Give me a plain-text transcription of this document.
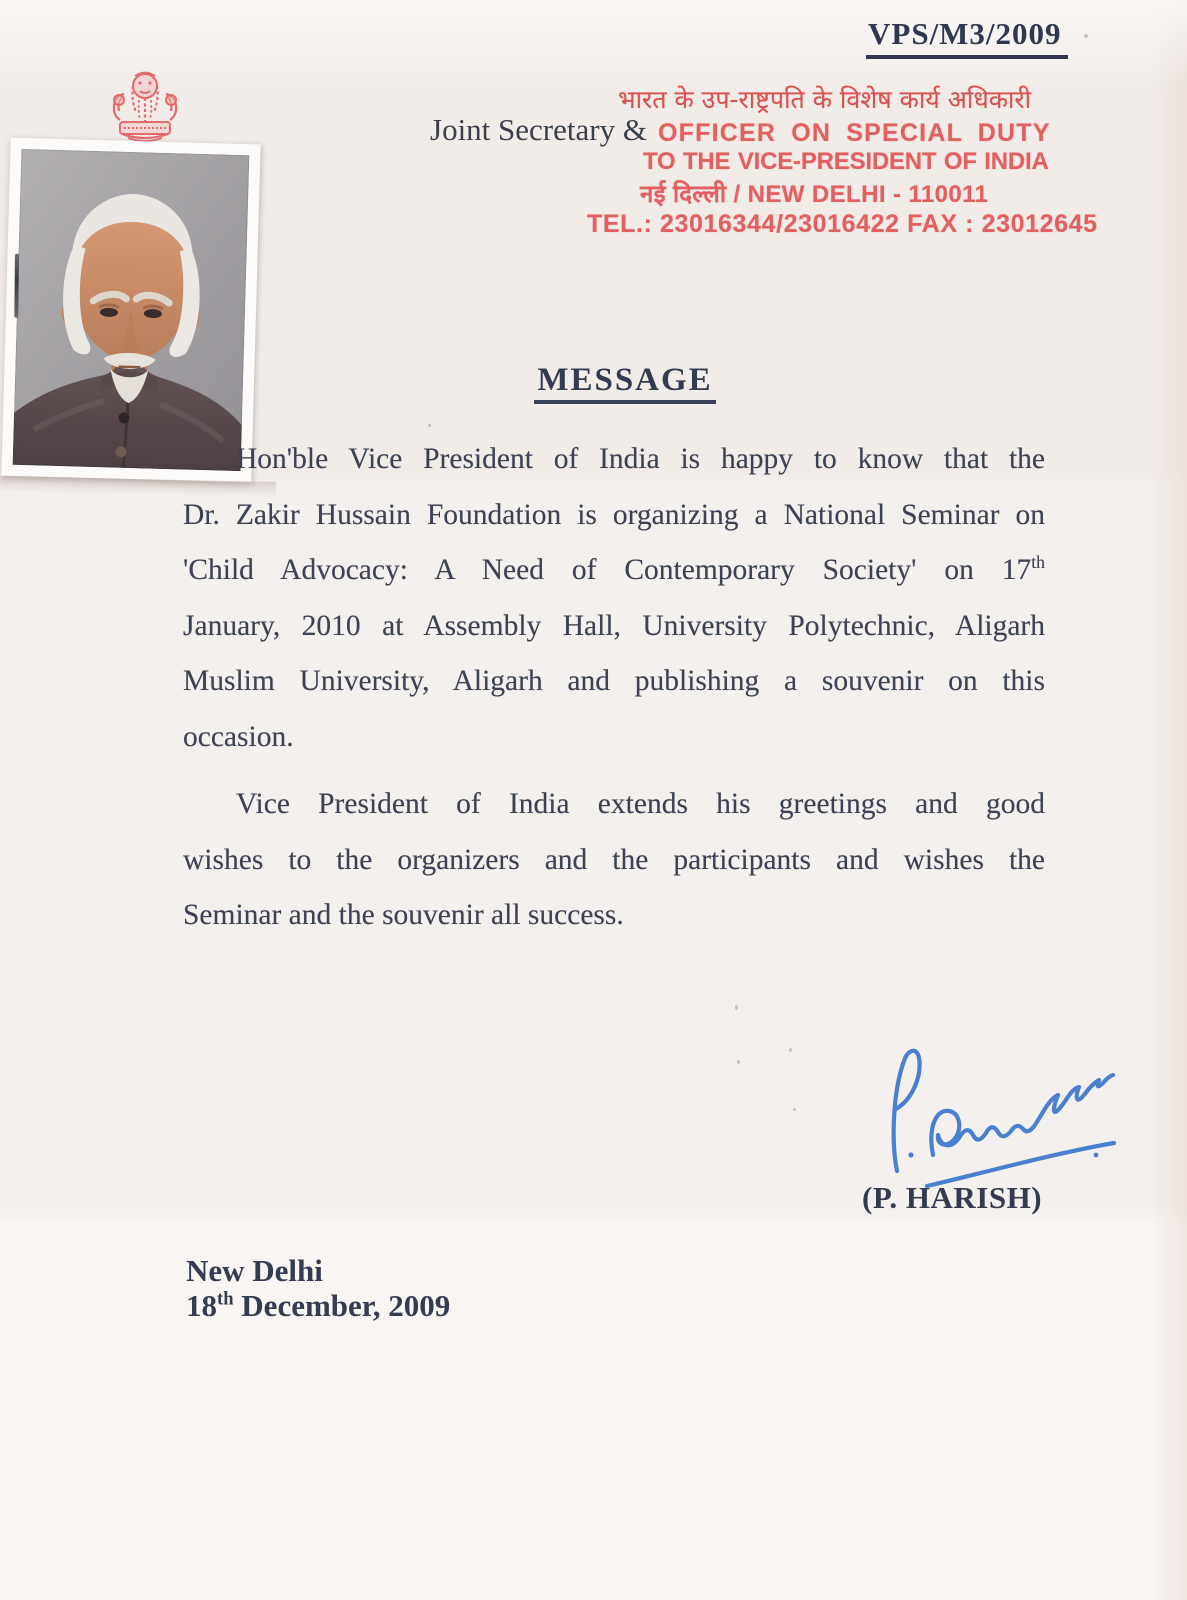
VPS/M3/2009
भारत के उप-राष्ट्रपति के विशेष कार्य अधिकारी
Joint Secretary & OFFICER ON SPECIAL DUTY
TO THE VICE-PRESIDENT OF INDIA
नई दिल्ली / NEW DELHI - 110011
TEL.: 23016344/23016422 FAX : 23012645
MESSAGE
Hon'ble Vice President of India is happy to know that the
Dr. Zakir Hussain Foundation is organizing a National Seminar on
'Child Advocacy: A Need of Contemporary Society' on 17th
January, 2010 at Assembly Hall, University Polytechnic, Aligarh
Muslim University, Aligarh and publishing a souvenir on this
occasion.
Vice President of India extends his greetings and good
wishes to the organizers and the participants and wishes the
Seminar and the souvenir all success.
(P. HARISH)
New Delhi
18th December, 2009
